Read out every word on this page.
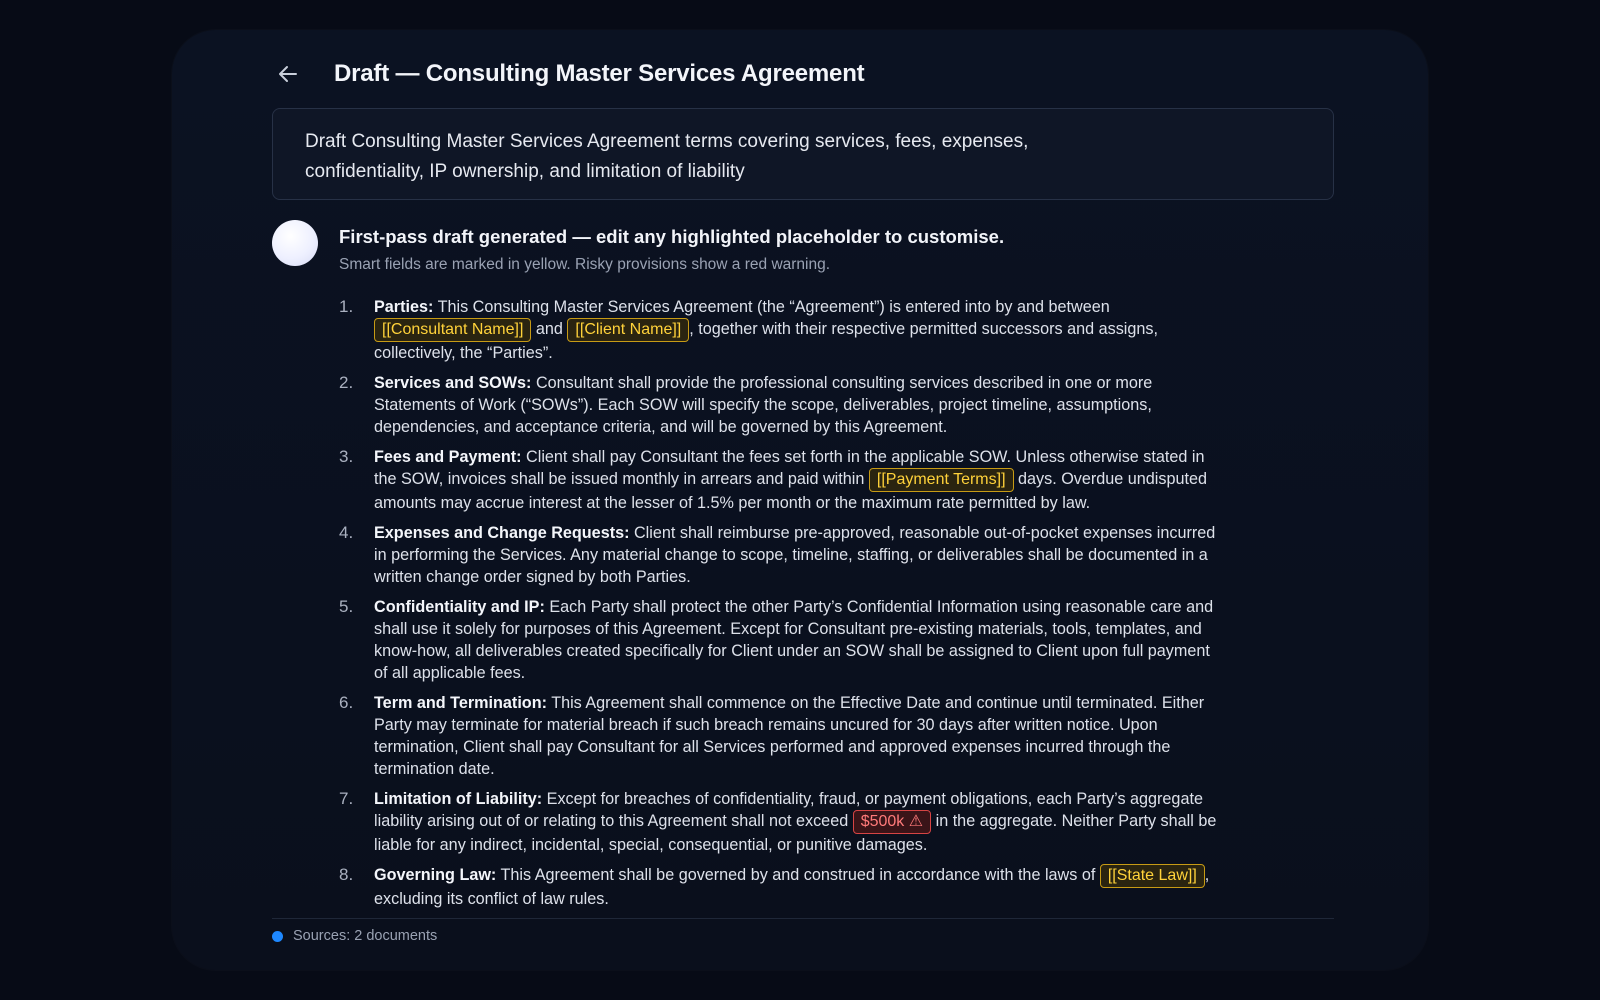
Draft — Consulting Master Services Agreement
Draft Consulting Master Services Agreement terms covering services, fees, expenses, confidentiality, IP ownership, and limitation of liability
First-pass draft generated — edit any highlighted placeholder to customise.
Smart fields are marked in yellow. Risky provisions show a red warning.
1. Parties: This Consulting Master Services Agreement (the “Agreement”) is entered into by and between [[Consultant Name]] and [[Client Name]] , together with their respective permitted successors and assigns, collectively, the “Parties”.
2. Services and SOWs: Consultant shall provide the professional consulting services described in one or more Statements of Work (“SOWs”). Each SOW will specify the scope, deliverables, project timeline, assumptions, dependencies, and acceptance criteria, and will be governed by this Agreement.
3. Fees and Payment: Client shall pay Consultant the fees set forth in the applicable SOW. Unless otherwise stated in the SOW, invoices shall be issued monthly in arrears and paid within [[Payment Terms]] days. Overdue undisputed amounts may accrue interest at the lesser of 1.5% per month or the maximum rate permitted by law.
4. Expenses and Change Requests: Client shall reimburse pre-approved, reasonable out-of-pocket expenses incurred in performing the Services. Any material change to scope, timeline, staffing, or deliverables shall be documented in a written change order signed by both Parties.
5. Confidentiality and IP: Each Party shall protect the other Party’s Confidential Information using reasonable care and shall use it solely for purposes of this Agreement. Except for Consultant pre-existing materials, tools, templates, and know-how, all deliverables created specifically for Client under an SOW shall be assigned to Client upon full payment of all applicable fees.
6. Term and Termination: This Agreement shall commence on the Effective Date and continue until terminated. Either Party may terminate for material breach if such breach remains uncured for 30 days after written notice. Upon termination, Client shall pay Consultant for all Services performed and approved expenses incurred through the termination date.
7. Limitation of Liability: Except for breaches of confidentiality, fraud, or payment obligations, each Party’s aggregate liability arising out of or relating to this Agreement shall not exceed $500k ⚠ in the aggregate. Neither Party shall be liable for any indirect, incidental, special, consequential, or punitive damages.
8. Governing Law: This Agreement shall be governed by and construed in accordance with the laws of [[State Law]] , excluding its conflict of law rules.
Sources: 2 documents
